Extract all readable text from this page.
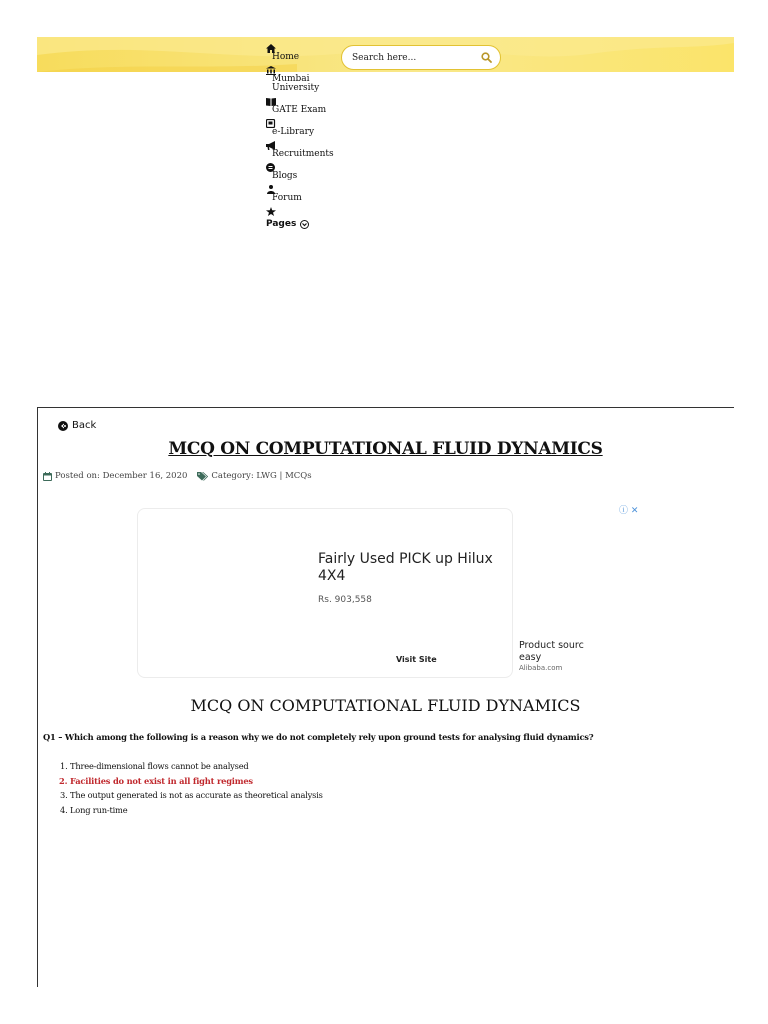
Home
Mumbai University
GATE Exam
e-Library
Recruitments
Blogs
Forum
Pages
Search here...
Back
MCQ ON COMPUTATIONAL FLUID DYNAMICS
Posted on: December 16, 2020	Category: LWG | MCQs
ⓘ ✕
Fairly Used PICK up Hilux 4X4
Rs. 903,558
Visit Site
Product sourc easy
Alibaba.com
MCQ ON COMPUTATIONAL FLUID DYNAMICS

Q1 – Which among the following is a reason why we do not completely rely upon ground tests for analysing fluid dynamics?

1. Three-dimensional flows cannot be analysed
2. Facilities do not exist in all fight regimes
3. The output generated is not as accurate as theoretical analysis
4. Long run-time
